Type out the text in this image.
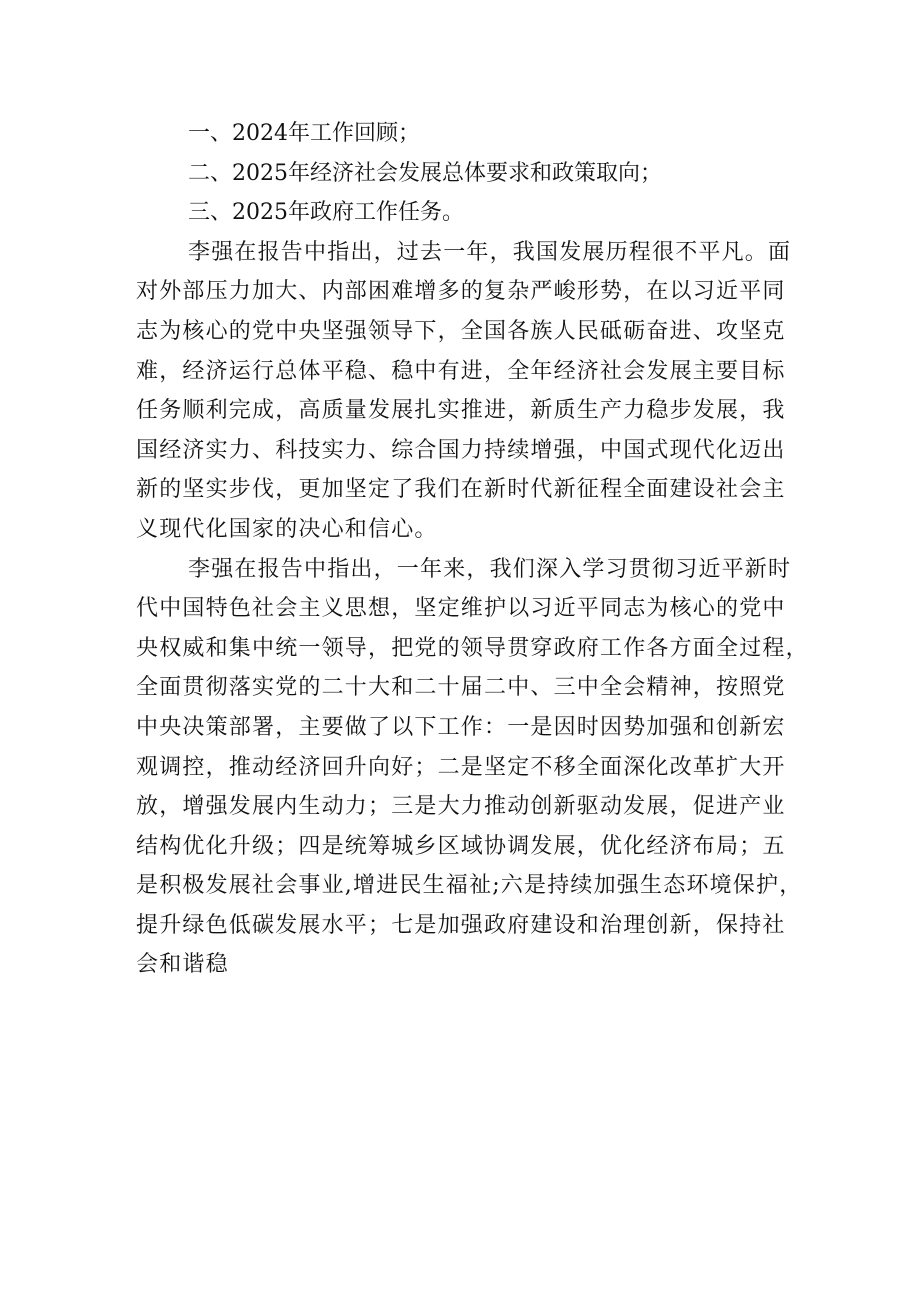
一、2024年工作回顾；

二、2025年经济社会发展总体要求和政策取向；

三、2025年政府工作任务。

李强在报告中指出，过去一年，我国发展历程很不平凡。面

对外部压力加大、内部困难增多的复杂严峻形势，在以习近平同

志为核心的党中央坚强领导下，全国各族人民砥砺奋进、攻坚克

难，经济运行总体平稳、稳中有进，全年经济社会发展主要目标

任务顺利完成，高质量发展扎实推进，新质生产力稳步发展，我

国经济实力、科技实力、综合国力持续增强，中国式现代化迈出

新的坚实步伐，更加坚定了我们在新时代新征程全面建设社会主

义现代化国家的决心和信心。

李强在报告中指出，一年来，我们深入学习贯彻习近平新时

代中国特色社会主义思想，坚定维护以习近平同志为核心的党中

央权威和集中统一领导，把党的领导贯穿政府工作各方面全过程，

全面贯彻落实党的二十大和二十届二中、三中全会精神，按照党

中央决策部署，主要做了以下工作：一是因时因势加强和创新宏

观调控，推动经济回升向好；二是坚定不移全面深化改革扩大开

放，增强发展内生动力；三是大力推动创新驱动发展，促进产业

结构优化升级；四是统筹城乡区域协调发展，优化经济布局；五

是积极发展社会事业,增进民生福祉;六是持续加强生态环境保护，

提升绿色低碳发展水平；七是加强政府建设和治理创新，保持社

会和谐稳
